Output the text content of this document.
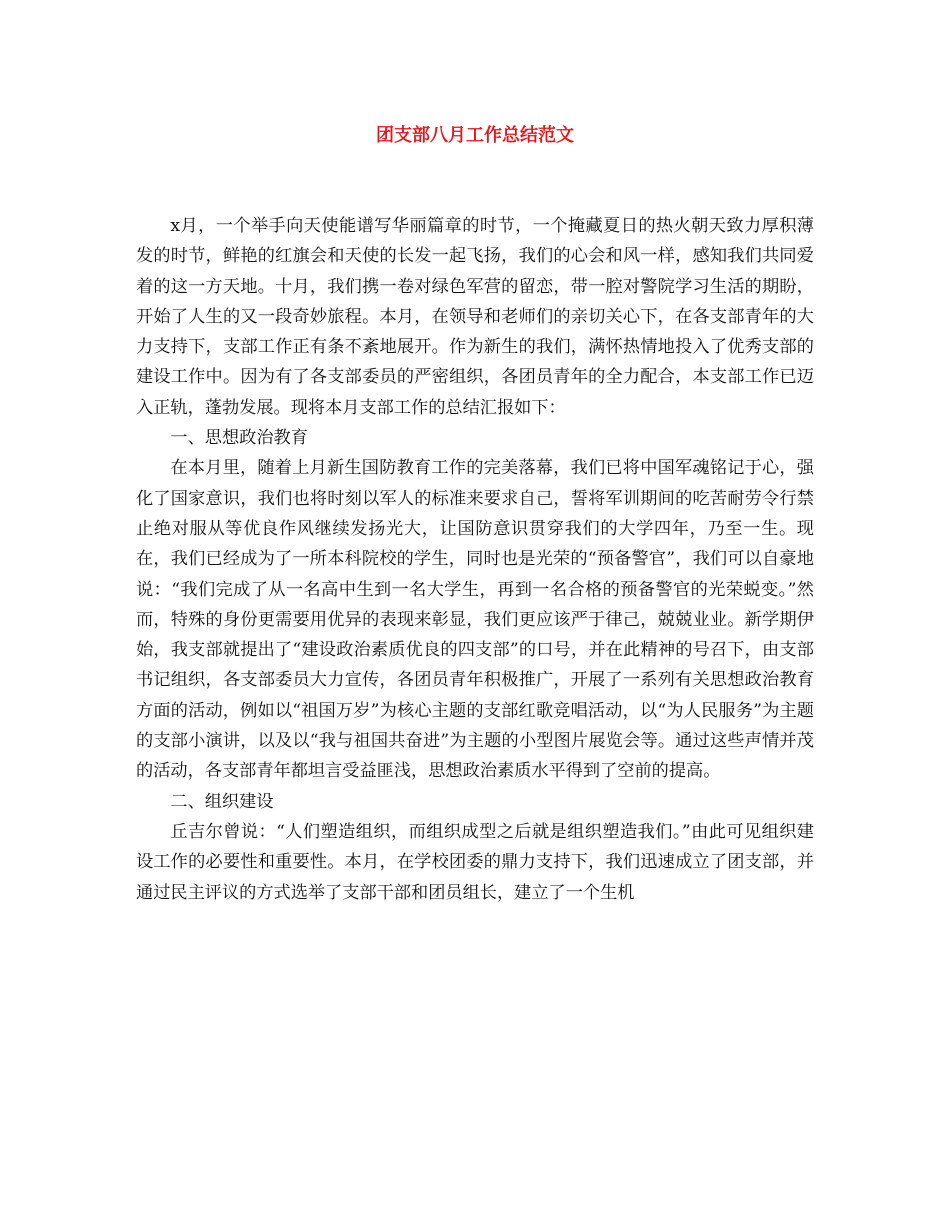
团支部八月工作总结范文

x月，一个举手向天使能谱写华丽篇章的时节，一个掩藏夏日的热火朝天致力厚积薄发的时节，鲜艳的红旗会和天使的长发一起飞扬，我们的心会和风一样，感知我们共同爱着的这一方天地。十月，我们携一卷对绿色军营的留恋，带一腔对警院学习生活的期盼，开始了人生的又一段奇妙旅程。本月，在领导和老师们的亲切关心下，在各支部青年的大力支持下，支部工作正有条不紊地展开。作为新生的我们，满怀热情地投入了优秀支部的建设工作中。因为有了各支部委员的严密组织，各团员青年的全力配合，本支部工作已迈入正轨，蓬勃发展。现将本月支部工作的总结汇报如下：

一、思想政治教育

在本月里，随着上月新生国防教育工作的完美落幕，我们已将中国军魂铭记于心，强化了国家意识，我们也将时刻以军人的标准来要求自己，誓将军训期间的吃苦耐劳令行禁止绝对服从等优良作风继续发扬光大，让国防意识贯穿我们的大学四年，乃至一生。现在，我们已经成为了一所本科院校的学生，同时也是光荣的“预备警官”，我们可以自豪地说：“我们完成了从一名高中生到一名大学生，再到一名合格的预备警官的光荣蜕变。”然而，特殊的身份更需要用优异的表现来彰显，我们更应该严于律己，兢兢业业。新学期伊始，我支部就提出了“建设政治素质优良的四支部”的口号，并在此精神的号召下，由支部书记组织，各支部委员大力宣传，各团员青年积极推广，开展了一系列有关思想政治教育方面的活动，例如以“祖国万岁”为核心主题的支部红歌竞唱活动，以“为人民服务”为主题的支部小演讲，以及以“我与祖国共奋进”为主题的小型图片展览会等。通过这些声情并茂的活动，各支部青年都坦言受益匪浅，思想政治素质水平得到了空前的提高。

二、组织建设

丘吉尔曾说：“人们塑造组织，而组织成型之后就是组织塑造我们。”由此可见组织建设工作的必要性和重要性。本月，在学校团委的鼎力支持下，我们迅速成立了团支部，并通过民主评议的方式选举了支部干部和团员组长，建立了一个生机
